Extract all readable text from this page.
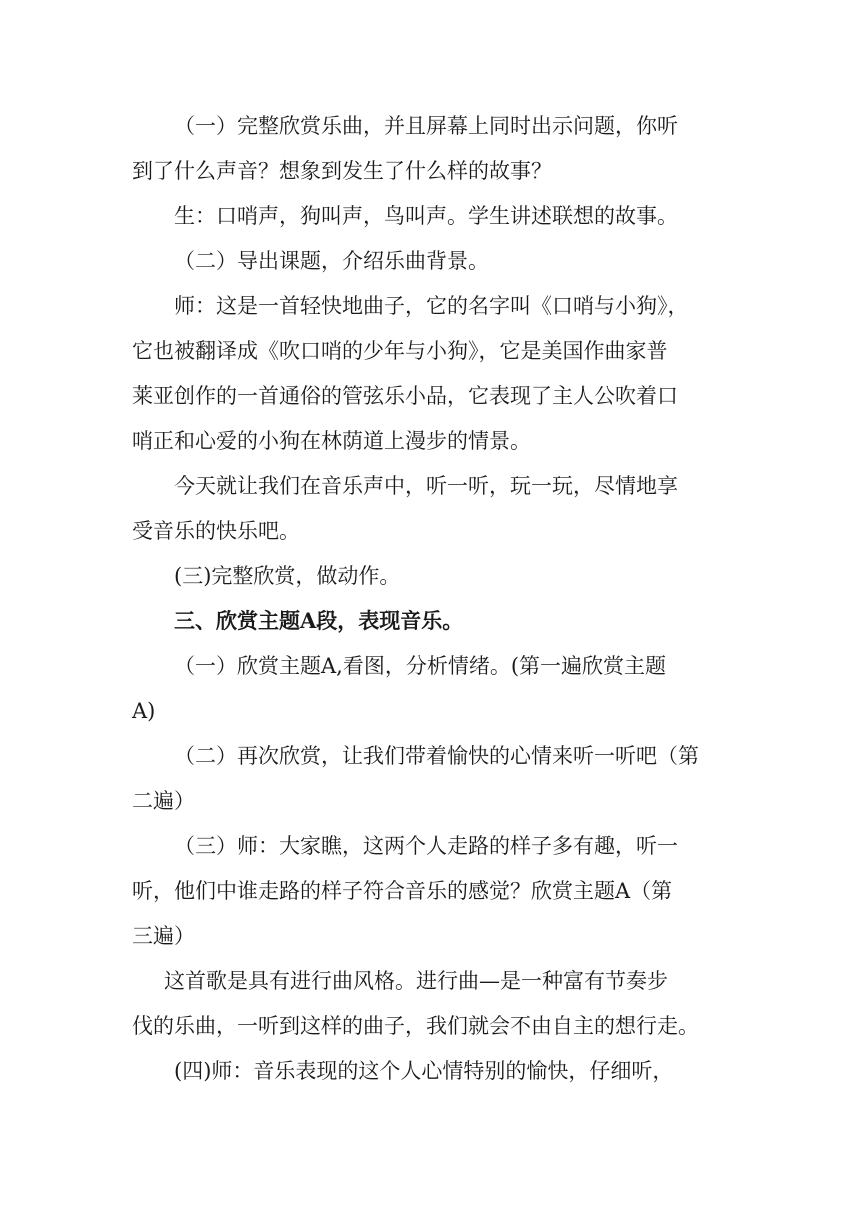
（一）完整欣赏乐曲，并且屏幕上同时出示问题，你听
到了什么声音？想象到发生了什么样的故事？
生：口哨声，狗叫声，鸟叫声。学生讲述联想的故事。
（二）导出课题，介绍乐曲背景。
师：这是一首轻快地曲子，它的名字叫《口哨与小狗》，
它也被翻译成《吹口哨的少年与小狗》，它是美国作曲家普
莱亚创作的一首通俗的管弦乐小品，它表现了主人公吹着口
哨正和心爱的小狗在林荫道上漫步的情景。
今天就让我们在音乐声中，听一听，玩一玩，尽情地享
受音乐的快乐吧。
(三)完整欣赏，做动作。
三、欣赏主题A段，表现音乐。
（一）欣赏主题A,看图，分析情绪。(第一遍欣赏主题
A)
（二）再次欣赏，让我们带着愉快的心情来听一听吧（第
二遍）
（三）师：大家瞧，这两个人走路的样子多有趣，听一
听，他们中谁走路的样子符合音乐的感觉？欣赏主题A（第
三遍）
这首歌是具有进行曲风格。进行曲—是一种富有节奏步
伐的乐曲，一听到这样的曲子，我们就会不由自主的想行走。
(四)师：音乐表现的这个人心情特别的愉快，仔细听，
